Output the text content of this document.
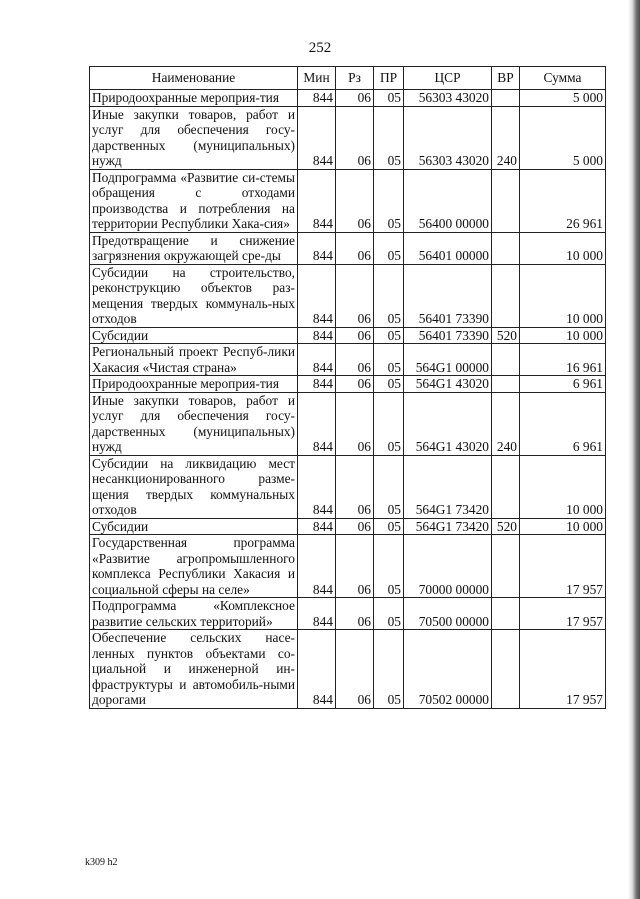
252
Наименование	Мин	Рз	ПР	ЦСР	ВР	Сумма
Природоохранные мероприя-тия	844	06	05	56303 43020		5 000
Иные закупки товаров, работ и услуг для обеспечения госу-дарственных (муниципальных) нужд	844	06	05	56303 43020	240	5 000
Подпрограмма «Развитие си-стемы обращения с отходами производства и потребления на территории Республики Хака-сия»	844	06	05	56400 00000		26 961
Предотвращение и снижение загрязнения окружающей сре-ды	844	06	05	56401 00000		10 000
Субсидии на строительство, реконструкцию объектов раз-мещения твердых коммуналь-ных отходов	844	06	05	56401 73390		10 000
Субсидии	844	06	05	56401 73390	520	10 000
Региональный проект Респуб-лики Хакасия «Чистая страна»	844	06	05	564G1 00000		16 961
Природоохранные мероприя-тия	844	06	05	564G1 43020		6 961
Иные закупки товаров, работ и услуг для обеспечения госу-дарственных (муниципальных) нужд	844	06	05	564G1 43020	240	6 961
Субсидии на ликвидацию мест несанкционированного разме-щения твердых коммунальных отходов	844	06	05	564G1 73420		10 000
Субсидии	844	06	05	564G1 73420	520	10 000
Государственная программа «Развитие агропромышленного комплекса Республики Хакасия и социальной сферы на селе»	844	06	05	70000 00000		17 957
Подпрограмма «Комплексное развитие сельских территорий»	844	06	05	70500 00000		17 957
Обеспечение сельских насе-ленных пунктов объектами со-циальной и инженерной ин-фраструктуры и автомобиль-ными дорогами	844	06	05	70502 00000		17 957
k309 h2
